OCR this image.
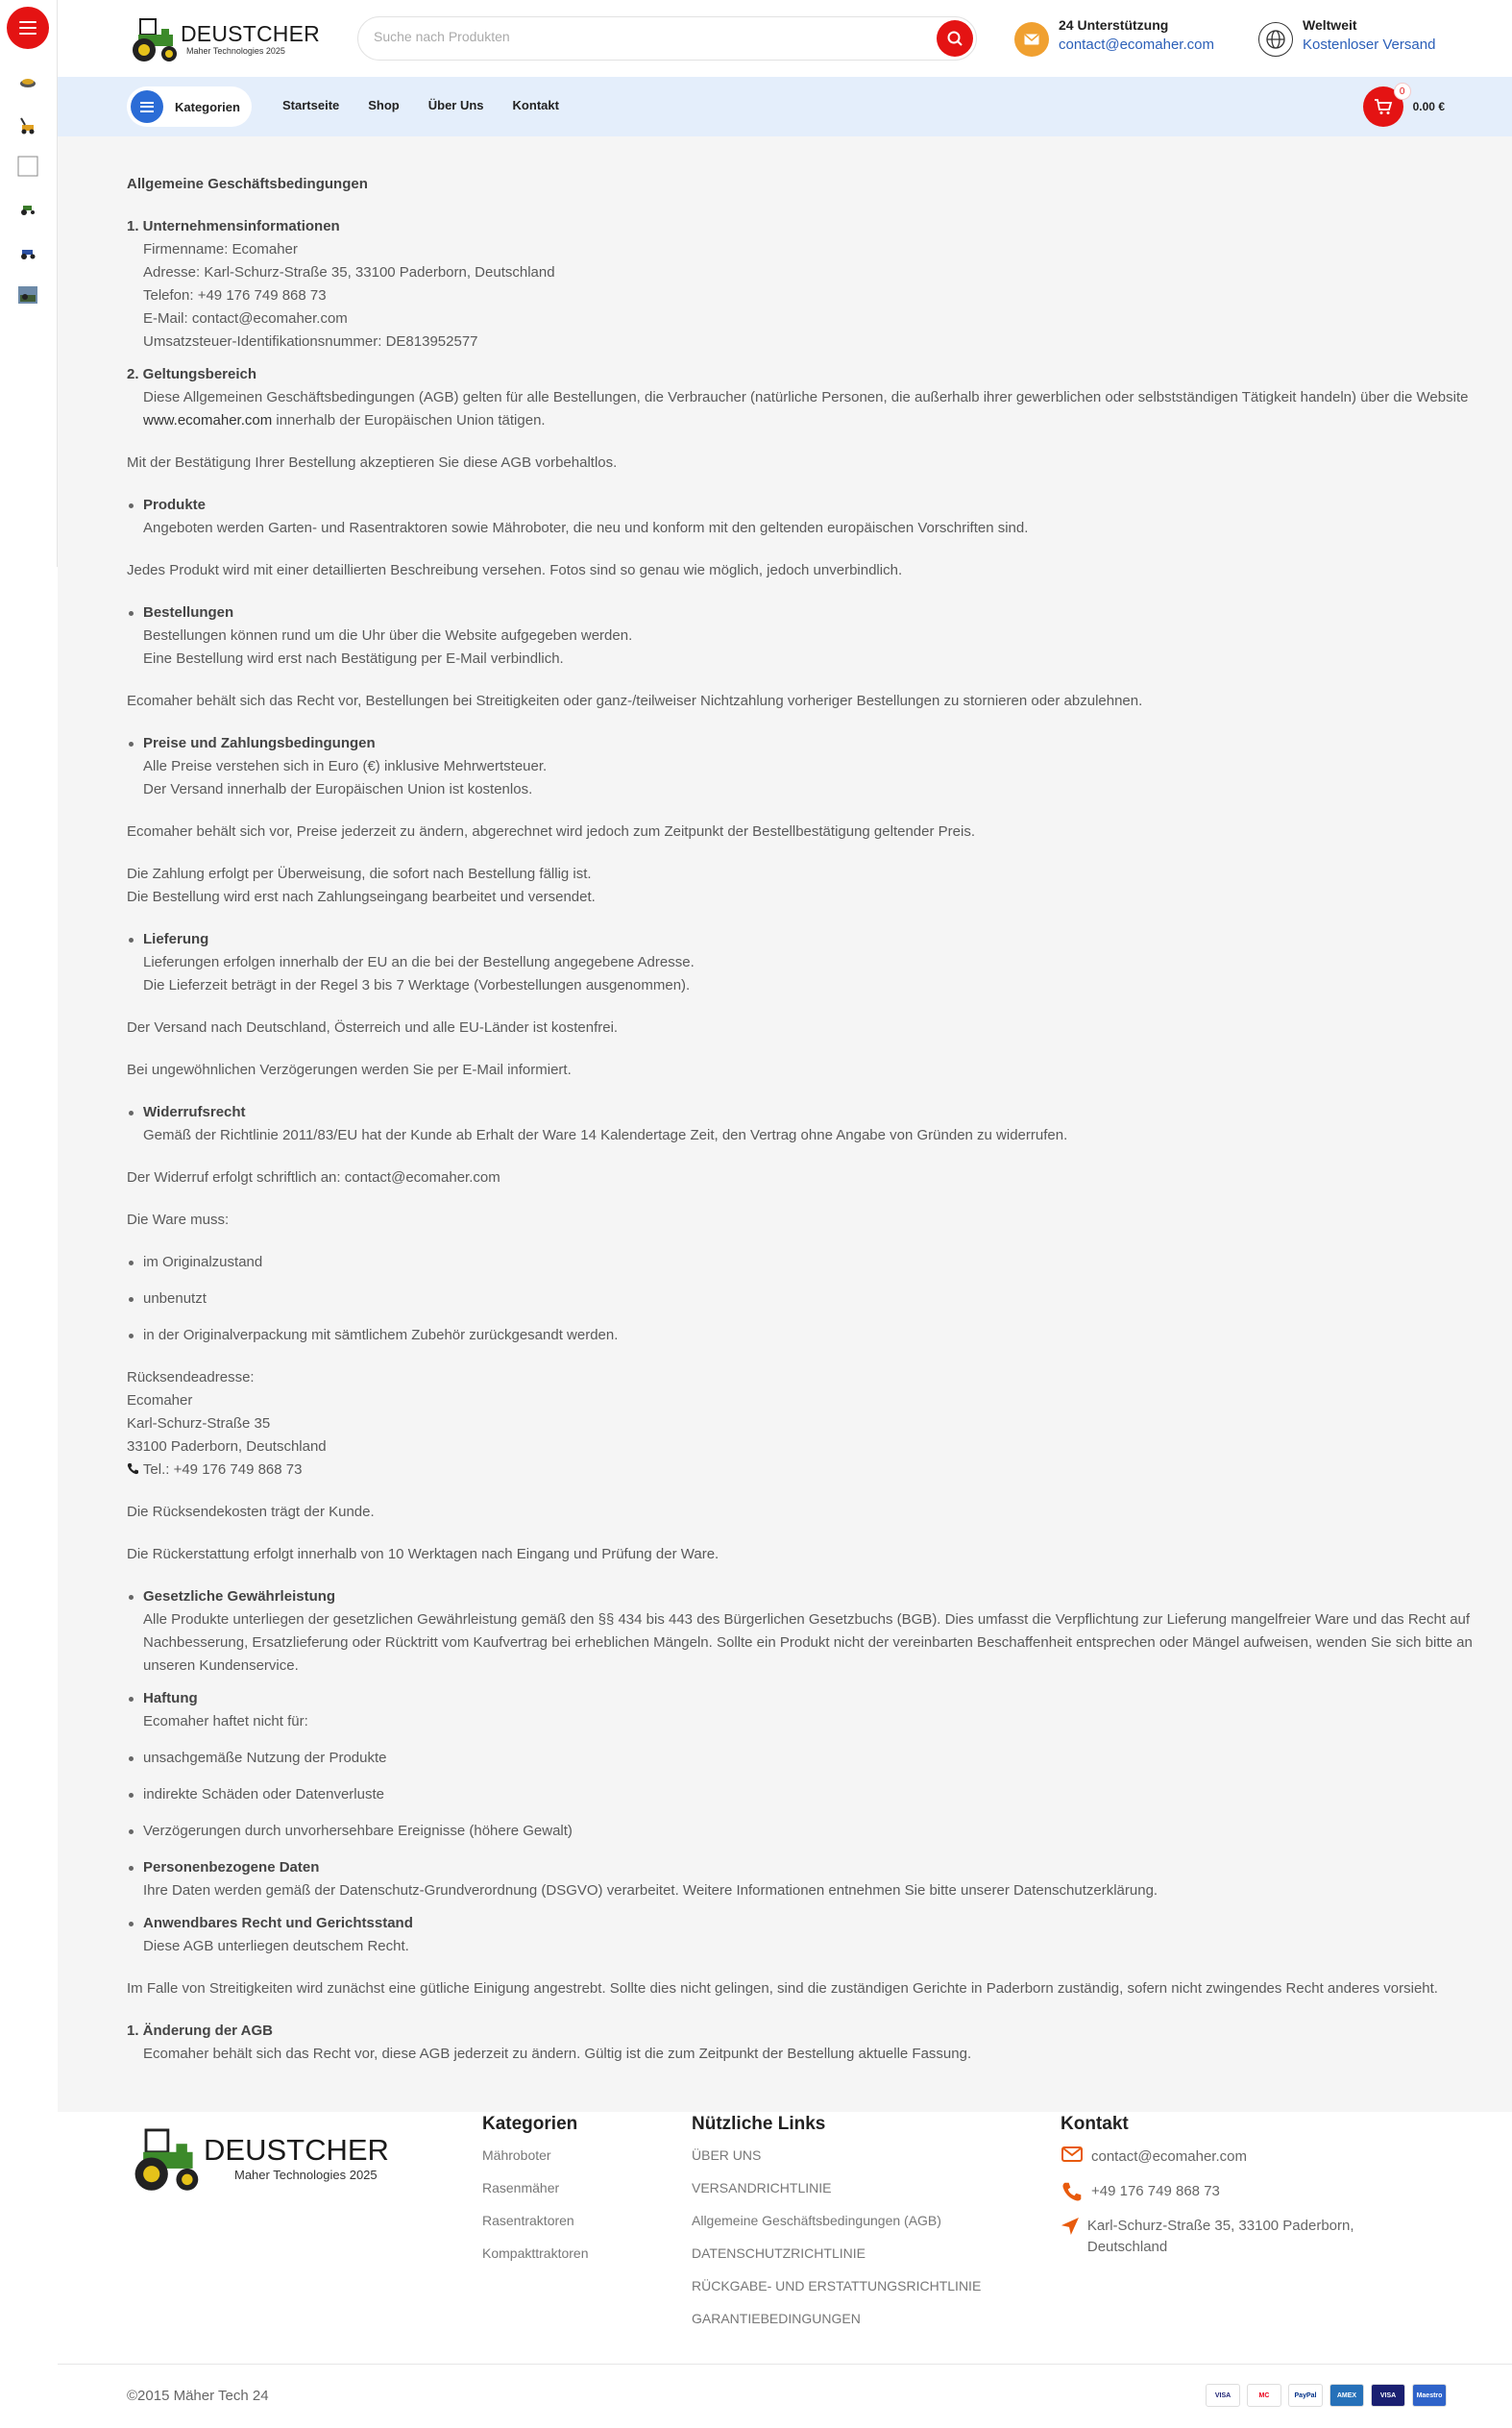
DEUSTCHER
Maher Technologies 2025
Suche nach Produkten
24 Unterstützung
contact@ecomaher.com
Weltweit
Kostenloser Versand
Kategorien	Startseite Shop Über Uns Kontakt
0
0.00 €
Allgemeine Geschäftsbedingungen
1. Unternehmensinformationen
Firmenname: Ecomaher
Adresse: Karl-Schurz-Straße 35, 33100 Paderborn, Deutschland
Telefon: +49 176 749 868 73
E-Mail: contact@ecomaher.com
Umsatzsteuer-Identifikationsnummer: DE813952577
2. Geltungsbereich
Diese Allgemeinen Geschäftsbedingungen (AGB) gelten für alle Bestellungen, die Verbraucher (natürliche Personen, die außerhalb ihrer gewerblichen oder selbstständigen Tätigkeit handeln) über die Website www.ecomaher.com innerhalb der Europäischen Union tätigen.

Mit der Bestätigung Ihrer Bestellung akzeptieren Sie diese AGB vorbehaltlos.

Produkte
Angeboten werden Garten- und Rasentraktoren sowie Mähroboter, die neu und konform mit den geltenden europäischen Vorschriften sind.

Jedes Produkt wird mit einer detaillierten Beschreibung versehen. Fotos sind so genau wie möglich, jedoch unverbindlich.

Bestellungen
Bestellungen können rund um die Uhr über die Website aufgegeben werden.
Eine Bestellung wird erst nach Bestätigung per E-Mail verbindlich.

Ecomaher behält sich das Recht vor, Bestellungen bei Streitigkeiten oder ganz-/teilweiser Nichtzahlung vorheriger Bestellungen zu stornieren oder abzulehnen.

Preise und Zahlungsbedingungen
Alle Preise verstehen sich in Euro (€) inklusive Mehrwertsteuer.
Der Versand innerhalb der Europäischen Union ist kostenlos.

Ecomaher behält sich vor, Preise jederzeit zu ändern, abgerechnet wird jedoch zum Zeitpunkt der Bestellbestätigung geltender Preis.

Die Zahlung erfolgt per Überweisung, die sofort nach Bestellung fällig ist.
Die Bestellung wird erst nach Zahlungseingang bearbeitet und versendet.

Lieferung
Lieferungen erfolgen innerhalb der EU an die bei der Bestellung angegebene Adresse.
Die Lieferzeit beträgt in der Regel 3 bis 7 Werktage (Vorbestellungen ausgenommen).

Der Versand nach Deutschland, Österreich und alle EU-Länder ist kostenfrei.

Bei ungewöhnlichen Verzögerungen werden Sie per E-Mail informiert.

Widerrufsrecht
Gemäß der Richtlinie 2011/83/EU hat der Kunde ab Erhalt der Ware 14 Kalendertage Zeit, den Vertrag ohne Angabe von Gründen zu widerrufen.

Der Widerruf erfolgt schriftlich an: contact@ecomaher.com

Die Ware muss:

im Originalzustand
unbenutzt
in der Originalverpackung mit sämtlichem Zubehör zurückgesandt werden.

Rücksendeadresse:
Ecomaher
Karl-Schurz-Straße 35
33100 Paderborn, Deutschland
Tel.: +49 176 749 868 73

Die Rücksendekosten trägt der Kunde.

Die Rückerstattung erfolgt innerhalb von 10 Werktagen nach Eingang und Prüfung der Ware.

Gesetzliche Gewährleistung
Alle Produkte unterliegen der gesetzlichen Gewährleistung gemäß den §§ 434 bis 443 des Bürgerlichen Gesetzbuchs (BGB). Dies umfasst die Verpflichtung zur Lieferung mangelfreier Ware und das Recht auf Nachbesserung, Ersatzlieferung oder Rücktritt vom Kaufvertrag bei erheblichen Mängeln. Sollte ein Produkt nicht der vereinbarten Beschaffenheit entsprechen oder Mängel aufweisen, wenden Sie sich bitte an unseren Kundenservice.
Haftung
Ecomaher haftet nicht für:
unsachgemäße Nutzung der Produkte
indirekte Schäden oder Datenverluste
Verzögerungen durch unvorhersehbare Ereignisse (höhere Gewalt)
Personenbezogene Daten
Ihre Daten werden gemäß der Datenschutz-Grundverordnung (DSGVO) verarbeitet. Weitere Informationen entnehmen Sie bitte unserer Datenschutzerklärung.
Anwendbares Recht und Gerichtsstand
Diese AGB unterliegen deutschem Recht.

Im Falle von Streitigkeiten wird zunächst eine gütliche Einigung angestrebt. Sollte dies nicht gelingen, sind die zuständigen Gerichte in Paderborn zuständig, sofern nicht zwingendes Recht anderes vorsieht.

1. Änderung der AGB
Ecomaher behält sich das Recht vor, diese AGB jederzeit zu ändern. Gültig ist die zum Zeitpunkt der Bestellung aktuelle Fassung.
DEUSTCHER
Maher Technologies 2025
Kategorien
Mähroboter
Rasenmäher
Rasentraktoren
Kompakttraktoren
Nützliche Links
ÜBER UNS
VERSANDRICHTLINIE
Allgemeine Geschäftsbedingungen (AGB)
DATENSCHUTZRICHTLINIE
RÜCKGABE- UND ERSTATTUNGSRICHTLINIE
GARANTIEBEDINGUNGEN
Kontakt
contact@ecomaher.com
+49 176 749 868 73
Karl-Schurz-Straße 35, 33100 Paderborn, Deutschland
©2015 Mäher Tech 24	VISA	MC	PayPal	AMEX	VISA	Maestro
